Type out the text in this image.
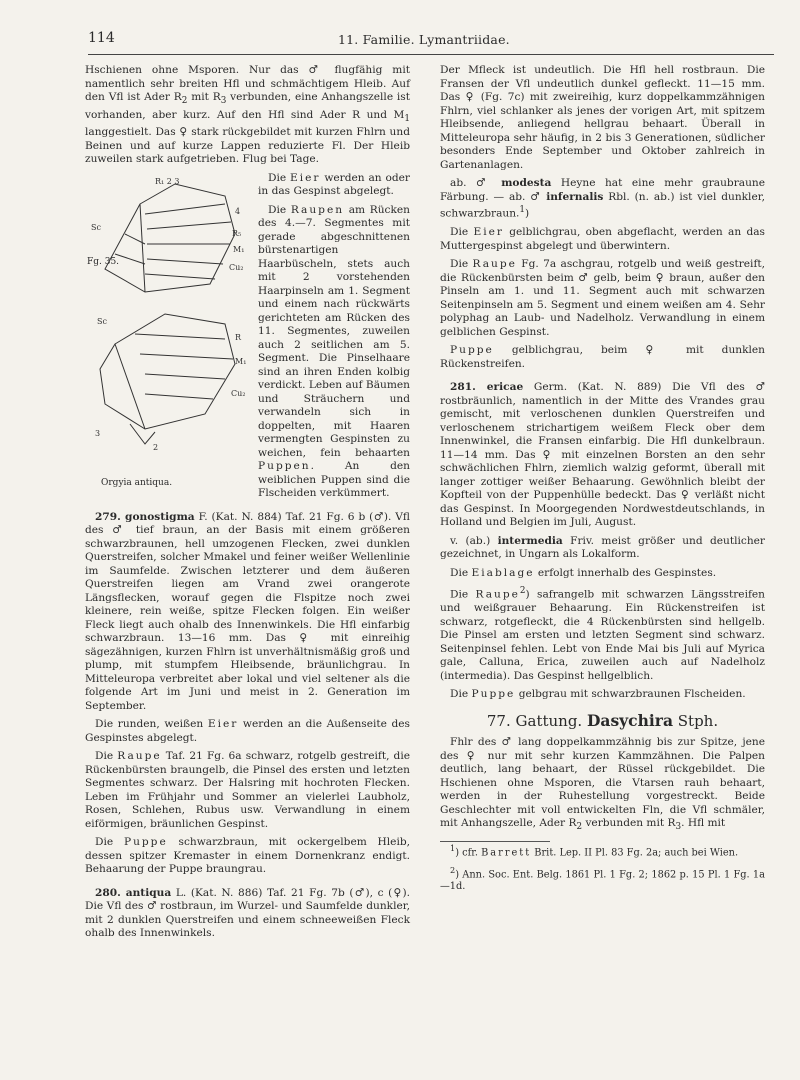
114	11. Familie. Lymantriidae.

Hschienen ohne Msporen. Nur das ♂ flugfähig mit namentlich sehr breiten Hfl und schmächtigem Hleib. Auf den Vfl ist Ader $R_2$ mit $R_3$ verbunden, eine Anhangszelle ist vorhanden, aber kurz. Auf den Hfl sind Ader R und $M_1$ langgestielt. Das ♀ stark rückgebildet mit kurzen Fhlrn und Beinen und auf kurze Lappen reduzierte Fl. Der Hleib zuweilen stark aufgetrieben. Flug bei Tage.

R₁ 2 3
4
R₅
Sc
M₁
Cu₂
Sc
R
M₁
Cu₂
3
2
Fg. 35.
Orgyia antiqua.

Die Eier werden an oder in das Gespinst abgelegt.

Die Raupen am Rücken des 4.—7. Segmentes mit gerade abgeschnittenen bürstenartigen Haarbüscheln, stets auch mit 2 vorstehenden Haarpinseln am 1. Segment und einem nach rückwärts gerichteten am Rücken des 11. Segmentes, zuweilen auch 2 seitlichen am 5. Segment. Die Pinselhaare sind an ihren Enden kolbig verdickt. Leben auf Bäumen und Sträuchern und verwandeln sich in doppelten, mit Haaren vermengten Gespinsten zu weichen, fein behaarten Puppen. An den weiblichen Puppen sind die Flscheiden verkümmert.

279. gonostigma F. (Kat. N. 884) Taf. 21 Fg. 6 b (♂). Vfl des ♂ tief braun, an der Basis mit einem größeren schwarzbraunen, hell umzogenen Flecken, zwei dunklen Querstreifen, solcher Mmakel und feiner weißer Wellenlinie im Saumfelde. Zwischen letzterer und dem äußeren Querstreifen liegen am Vrand zwei orangerote Längsflecken, worauf gegen die Flspitze noch zwei kleinere, rein weiße, spitze Flecken folgen. Ein weißer Fleck liegt auch ohalb des Innenwinkels. Die Hfl einfarbig schwarzbraun. 13—16 mm. Das ♀ mit einreihig sägezähnigen, kurzen Fhlrn ist unverhältnismäßig groß und plump, mit stumpfem Hleibsende, bräunlichgrau. In Mitteleuropa verbreitet aber lokal und viel seltener als die folgende Art im Juni und meist in 2. Generation im September.

Die runden, weißen Eier werden an die Außenseite des Gespinstes abgelegt.

Die Raupe Taf. 21 Fg. 6a schwarz, rotgelb gestreift, die Rückenbürsten braungelb, die Pinsel des ersten und letzten Segmentes schwarz. Der Halsring mit hochroten Flecken. Leben im Frühjahr und Sommer an vielerlei Laubholz, Rosen, Schlehen, Rubus usw. Verwandlung in einem eiförmigen, bräunlichen Gespinst.

Die Puppe schwarzbraun, mit ockergelbem Hleib, dessen spitzer Kremaster in einem Dornenkranz endigt. Behaarung der Puppe braungrau.

280. antiqua L. (Kat. N. 886) Taf. 21 Fg. 7b (♂), c (♀). Die Vfl des ♂ rostbraun, im Wurzel- und Saumfelde dunkler, mit 2 dunklen Querstreifen und einem schneeweißen Fleck ohalb des Innenwinkels.

Der Mfleck ist undeutlich. Die Hfl hell rostbraun. Die Fransen der Vfl undeutlich dunkel gefleckt. 11—15 mm. Das ♀ (Fg. 7c) mit zweireihig, kurz doppelkammzähnigen Fhlrn, viel schlanker als jenes der vorigen Art, mit spitzem Hleibsende, anliegend hellgrau behaart. Überall in Mitteleuropa sehr häufig, in 2 bis 3 Generationen, südlicher besonders Ende September und Oktober zahlreich in Gartenanlagen.

ab. ♂ modesta Heyne hat eine mehr graubraune Färbung. — ab. ♂ infernalis Rbl. (n. ab.) ist viel dunkler, schwarzbraun.$^1$)

Die Eier gelblichgrau, oben abgeflacht, werden an das Muttergespinst abgelegt und überwintern.

Die Raupe Fg. 7a aschgrau, rotgelb und weiß gestreift, die Rückenbürsten beim ♂ gelb, beim ♀ braun, außer den Pinseln am 1. und 11. Segment auch mit schwarzen Seitenpinseln am 5. Segment und einem weißen am 4. Sehr polyphag an Laub- und Nadelholz. Verwandlung in einem gelblichen Gespinst.

Puppe gelblichgrau, beim ♀ mit dunklen Rückenstreifen.

281. ericae Germ. (Kat. N. 889) Die Vfl des ♂ rostbräunlich, namentlich in der Mitte des Vrandes grau gemischt, mit verloschenen dunklen Querstreifen und verloschenem strichartigem weißem Fleck ober dem Innenwinkel, die Fransen einfarbig. Die Hfl dunkelbraun. 11—14 mm. Das ♀ mit einzelnen Borsten an den sehr schwächlichen Fhlrn, ziemlich walzig geformt, überall mit langer zottiger weißer Behaarung. Gewöhnlich bleibt der Kopfteil von der Puppenhülle bedeckt. Das ♀ verläßt nicht das Gespinst. In Moorgegenden Nordwestdeutschlands, in Holland und Belgien im Juli, August.

v. (ab.) intermedia Friv. meist größer und deutlicher gezeichnet, in Ungarn als Lokalform.

Die Eiablage erfolgt innerhalb des Gespinstes.

Die Raupe$^2$) safrangelb mit schwarzen Längsstreifen und weißgrauer Behaarung. Ein Rückenstreifen ist schwarz, rotgefleckt, die 4 Rückenbürsten sind hellgelb. Die Pinsel am ersten und letzten Segment sind schwarz. Seitenpinsel fehlen. Lebt von Ende Mai bis Juli auf Myrica gale, Calluna, Erica, zuweilen auch auf Nadelholz (intermedia). Das Gespinst hellgelblich.

Die Puppe gelbgrau mit schwarzbraunen Flscheiden.

77. Gattung. Dasychira Stph.

Fhlr des ♂ lang doppelkammzähnig bis zur Spitze, jene des ♀ nur mit sehr kurzen Kammzähnen. Die Palpen deutlich, lang behaart, der Rüssel rückgebildet. Die Hschienen ohne Msporen, die Vtarsen rauh behaart, werden in der Ruhestellung vorgestreckt. Beide Geschlechter mit voll entwickelten Fln, die Vfl schmäler, mit Anhangszelle, Ader $R_2$ verbunden mit $R_3$. Hfl mit

$^1$) cfr. Barrett Brit. Lep. II Pl. 83 Fg. 2a; auch bei Wien.

$^2$) Ann. Soc. Ent. Belg. 1861 Pl. 1 Fg. 2; 1862 p. 15 Pl. 1 Fg. 1a—1d.
